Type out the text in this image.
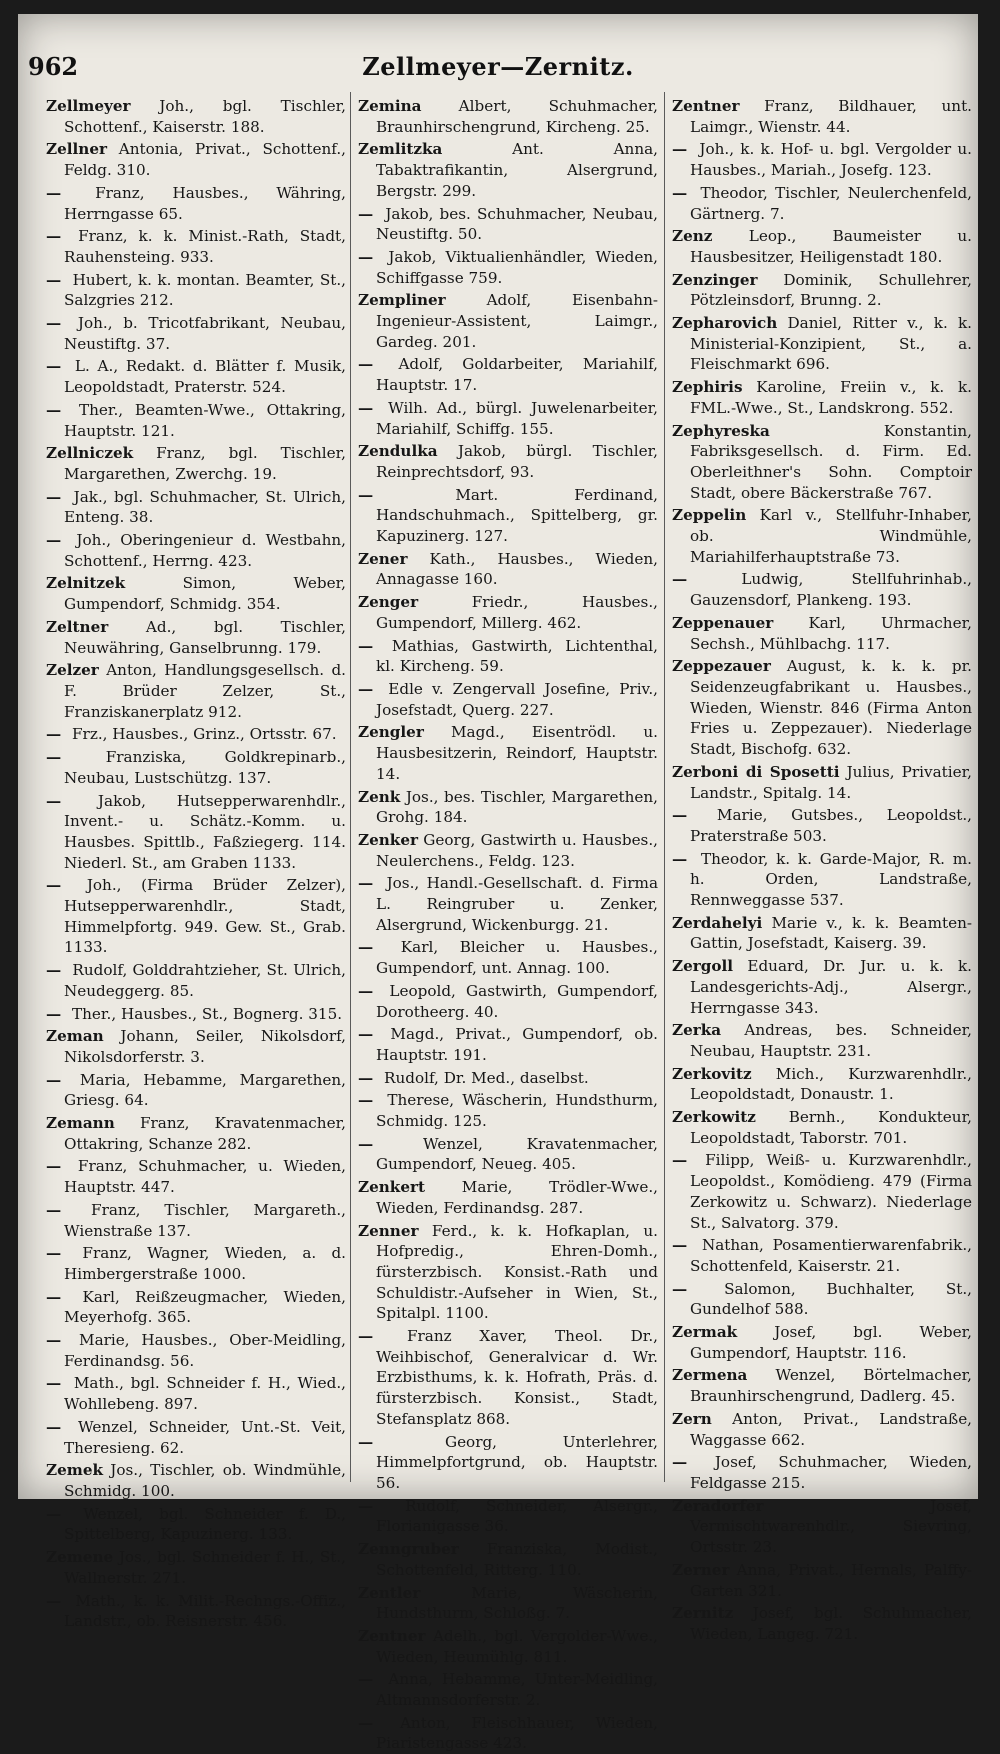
962	Zellmeyer—Zernitz.

Zellmeyer Joh., bgl. Tischler, Schottenf., Kaiserstr. 188.

Zellner Antonia, Privat., Schottenf., Feldg. 310.

— Franz, Hausbes., Währing, Herrngasse 65.

— Franz, k. k. Minist.-Rath, Stadt, Rauhensteing. 933.

— Hubert, k. k. montan. Beamter, St., Salzgries 212.

— Joh., b. Tricotfabrikant, Neubau, Neustiftg. 37.

— L. A., Redakt. d. Blätter f. Musik, Leopoldstadt, Praterstr. 524.

— Ther., Beamten-Wwe., Ottakring, Hauptstr. 121.

Zellniczek Franz, bgl. Tischler, Margarethen, Zwerchg. 19.

— Jak., bgl. Schuhmacher, St. Ulrich, Enteng. 38.

— Joh., Oberingenieur d. Westbahn, Schottenf., Herrng. 423.

Zelnitzek	Simon, Weber, Gumpendorf, Schmidg. 354.

Zeltner Ad., bgl. Tischler, Neuwähring, Ganselbrunng. 179.

Zelzer Anton, Handlungsgesellsch. d. F. Brüder Zelzer, St., Franziskanerplatz 912.

— Frz., Hausbes., Grinz., Ortsstr. 67.

—	Franziska, Goldkrepinarb., Neubau, Lustschützg. 137.

— Jakob, Hutsepperwarenhdlr., Invent.- u. Schätz.-Komm. u. Hausbes. Spittlb., Faßziegerg. 114. Niederl. St., am Graben 1133.

— Joh., (Firma Brüder Zelzer), Hutsepperwarenhdlr., Stadt, Himmelpfortg. 949. Gew. St., Grab. 1133.

— Rudolf, Golddrahtzieher, St. Ulrich, Neudeggerg. 85.

— Ther., Hausbes., St., Bognerg. 315.

Zeman Johann, Seiler, Nikolsdorf, Nikolsdorferstr. 3.

— Maria, Hebamme, Margarethen, Griesg. 64.

Zemann Franz, Kravatenmacher, Ottakring, Schanze 282.

— Franz, Schuhmacher, u. Wieden, Hauptstr. 447.

— Franz, Tischler, Margareth., Wienstraße 137.

— Franz, Wagner, Wieden, a. d. Himbergerstraße 1000.

— Karl, Reißzeugmacher, Wieden, Meyerhofg. 365.

— Marie, Hausbes., Ober-Meidling, Ferdinandsg. 56.

— Math., bgl. Schneider f. H., Wied., Wohllebeng. 897.

— Wenzel, Schneider, Unt.-St. Veit, Theresieng. 62.

Zemek Jos., Tischler, ob. Windmühle, Schmidg. 100.

— Wenzel, bgl. Schneider f. D., Spittelberg, Kapuzinerg. 133.

Zemene Jos., bgl. Schneider f. H., St., Wallnerstr. 271.

— Math., k. k. Milit.-Rechngs.-Offiz., Landstr., ob. Reisnerstr. 456.

Zemina Albert, Schuhmacher, Braunhirschengrund, Kircheng. 25.

Zemlitzka	Ant. Anna, Tabaktrafikantin, Alsergrund, Bergstr. 299.

— Jakob, bes. Schuhmacher, Neubau, Neustiftg. 50.

— Jakob, Viktualienhändler, Wieden, Schiffgasse 759.

Zempliner	Adolf, Eisenbahn-Ingenieur-Assistent, Laimgr., Gardeg. 201.

— Adolf, Goldarbeiter, Mariahilf, Hauptstr. 17.

— Wilh. Ad., bürgl. Juwelenarbeiter, Mariahilf, Schiffg. 155.

Zendulka Jakob, bürgl. Tischler, Reinprechtsdorf, 93.

—	Mart. Ferdinand, Handschuhmach., Spittelberg, gr. Kapuzinerg. 127.

Zener Kath., Hausbes., Wieden, Annagasse 160.

Zenger	Friedr., Hausbes., Gumpendorf, Millerg. 462.

— Mathias, Gastwirth, Lichtenthal, kl. Kircheng. 59.

— Edle v. Zengervall Josefine, Priv., Josefstadt, Querg. 227.

Zengler Magd., Eisentrödl. u. Hausbesitzerin, Reindorf, Hauptstr. 14.

Zenk Jos., bes. Tischler, Margarethen, Grohg. 184.

Zenker Georg, Gastwirth u. Hausbes., Neulerchens., Feldg. 123.

— Jos., Handl.-Gesellschaft. d. Firma L. Reingruber u. Zenker, Alsergrund, Wickenburgg. 21.

— Karl, Bleicher u. Hausbes., Gumpendorf, unt. Annag. 100.

— Leopold, Gastwirth, Gumpendorf, Dorotheerg. 40.

— Magd., Privat., Gumpendorf, ob. Hauptstr. 191.

— Rudolf, Dr. Med., daselbst.

— Therese, Wäscherin, Hundsthurm, Schmidg. 125.

—	Wenzel, Kravatenmacher, Gumpendorf, Neueg. 405.

Zenkert Marie, Trödler-Wwe., Wieden, Ferdinandsg. 287.

Zenner Ferd., k. k. Hofkaplan, u. Hofpredig., Ehren-Domh., fürsterzbisch. Konsist.-Rath und Schuldistr.-Aufseher in Wien, St., Spitalpl. 1100.

— Franz Xaver, Theol. Dr., Weihbischof, Generalvicar d. Wr. Erzbisthums, k. k. Hofrath, Präs. d. fürsterzbisch. Konsist., Stadt, Stefansplatz 868.

—	Georg, Unterlehrer, Himmelpfortgrund, ob. Hauptstr. 56.

— Rudolf, Schneider, Alsergr., Florianigasse 36.

Zenngruber Franziska, Modist., Schottenfeld, Ritterg. 110.

Zentler	Marie, Wäscherin, Hundsthurm, Schloßg. 7.

Zentner Adelh., bgl. Vergolder-Wwe., Wieden, Heumühlg. 811.

— Anna, Hebamme, Unter-Meidling, Altmannsdorferstr. 2.

— Anton, Fleischhauer, Wieden, Piaristengasse 423.

Zentner Franz, Bildhauer, unt. Laimgr., Wienstr. 44.

— Joh., k. k. Hof- u. bgl. Vergolder u. Hausbes., Mariah., Josefg. 123.

— Theodor, Tischler, Neulerchenfeld, Gärtnerg. 7.

Zenz Leop., Baumeister u. Hausbesitzer, Heiligenstadt 180.

Zenzinger Dominik, Schullehrer, Pötzleinsdorf, Brunng. 2.

Zepharovich Daniel, Ritter v., k. k. Ministerial-Konzipient, St., a. Fleischmarkt 696.

Zephiris Karoline, Freiin v., k. k. FML.-Wwe., St., Landskrong. 552.

Zephyreska	Konstantin, Fabriksgesellsch. d. Firm. Ed. Oberleithner's Sohn. Comptoir Stadt, obere Bäckerstraße 767.

Zeppelin Karl v., Stellfuhr-Inhaber, ob. Windmühle, Mariahilferhauptstraße 73.

—	Ludwig, Stellfuhrinhab., Gauzensdorf, Plankeng. 193.

Zeppenauer Karl, Uhrmacher, Sechsh., Mühlbachg. 117.

Zeppezauer August, k. k. k. pr. Seidenzeugfabrikant u. Hausbes., Wieden, Wienstr. 846 (Firma Anton Fries u. Zeppezauer). Niederlage Stadt, Bischofg. 632.

Zerboni di Sposetti Julius, Privatier, Landstr., Spitalg. 14.

— Marie, Gutsbes., Leopoldst., Praterstraße 503.

— Theodor, k. k. Garde-Major, R. m. h. Orden, Landstraße, Rennweggasse 537.

Zerdahelyi Marie v., k. k. Beamten-Gattin, Josefstadt, Kaiserg. 39.

Zergoll Eduard, Dr. Jur. u. k. k. Landesgerichts-Adj., Alsergr., Herrngasse 343.

Zerka Andreas, bes. Schneider, Neubau, Hauptstr. 231.

Zerkovitz Mich., Kurzwarenhdlr., Leopoldstadt, Donaustr. 1.

Zerkowitz Bernh., Kondukteur, Leopoldstadt, Taborstr. 701.

— Filipp, Weiß- u. Kurzwarenhdlr., Leopoldst., Komödieng. 479 (Firma Zerkowitz u. Schwarz). Niederlage St., Salvatorg. 379.

— Nathan, Posamentierwarenfabrik., Schottenfeld, Kaiserstr. 21.

— Salomon, Buchhalter, St., Gundelhof 588.

Zermak Josef, bgl. Weber, Gumpendorf, Hauptstr. 116.

Zermena Wenzel, Börtelmacher, Braunhirschengrund, Dadlerg. 45.

Zern Anton, Privat., Landstraße, Waggasse 662.

— Josef, Schuhmacher, Wieden, Feldgasse 215.

Zeradorfer	Josef, Vermischtwarenhdlr., Sievring, Ortsstr. 23.

Zerner Anna, Privat., Hernals, Palffy-Garten 321.

Zernitz Josef, bgl. Schuhmacher, Wieden, Langeg. 721.
